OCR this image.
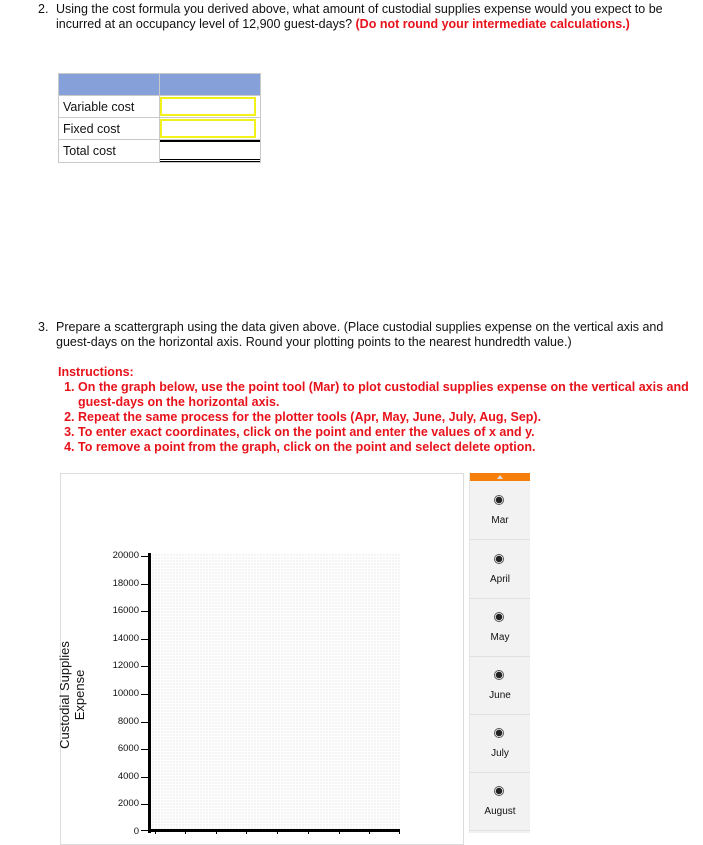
2. Using the cost formula you derived above, what amount of custodial supplies expense would you expect to be incurred at an occupancy level of 12,900 guest-days? (Do not round your intermediate calculations.)

Variable cost	

Fixed cost	

Total cost	
3. Prepare a scattergraph using the data given above. (Place custodial supplies expense on the vertical axis and guest-days on the horizontal axis. Round your plotting points to the nearest hundredth value.)
Instructions:
1. On the graph below, use the point tool (Mar) to plot custodial supplies expense on the vertical axis and guest-days on the horizontal axis.
2. Repeat the same process for the plotter tools (Apr, May, June, July, Aug, Sep).
3. To enter exact coordinates, click on the point and enter the values of x and y.
4. To remove a point from the graph, click on the point and select delete option.
Custodial Supplies Expense
20000
18000
16000
14000
12000
10000
8000
6000
4000
2000
0
Mar
April
May
June
July
August
